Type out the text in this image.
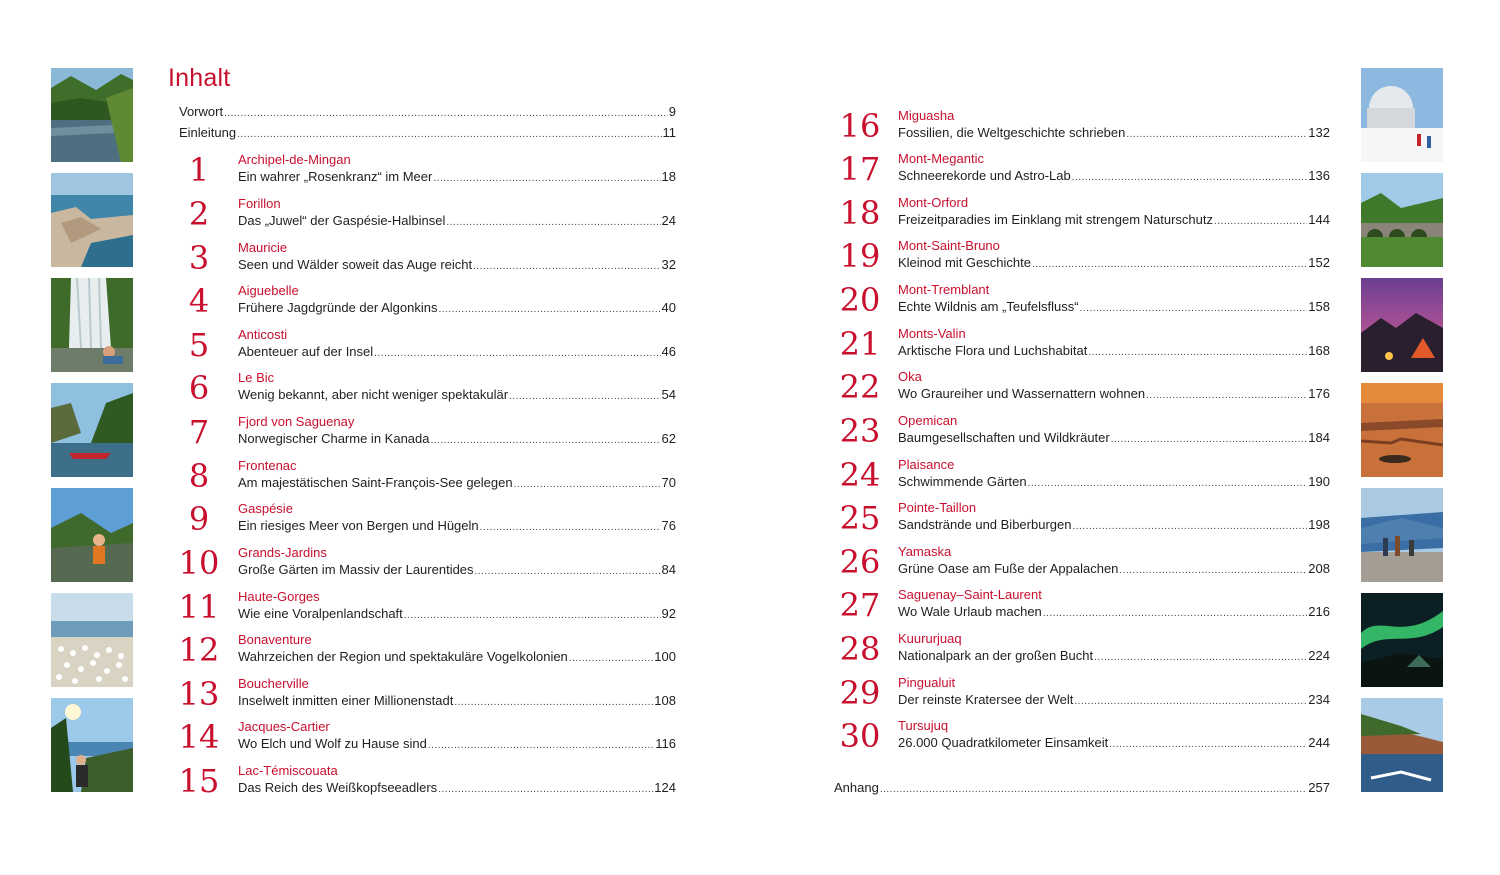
Inhalt
Vorwort .....	9
Einleitung .....	11
1	Archipel-de-Mingan
Ein wahrer „Rosenkranz“ im Meer .....	18
2	Forillon
Das „Juwel“ der Gaspésie-Halbinsel .....	24
3	Mauricie
Seen und Wälder soweit das Auge reicht .....	32
4	Aiguebelle
Frühere Jagdgründe der Algonkins .....	40
5	Anticosti
Abenteuer auf der Insel .....	46
6	Le Bic
Wenig bekannt, aber nicht weniger spektakulär .....	54
7	Fjord von Saguenay
Norwegischer Charme in Kanada .....	62
8	Frontenac
Am majestätischen Saint-François-See gelegen .....	70
9	Gaspésie
Ein riesiges Meer von Bergen und Hügeln .....	76
10	Grands-Jardins
Große Gärten im Massiv der Laurentides .....	84
11	Haute-Gorges
Wie eine Voralpenlandschaft .....	92
12	Bonaventure
Wahrzeichen der Region und spektakuläre Vogelkolonien .....	100
13	Boucherville
Inselwelt inmitten einer Millionenstadt .....	108
14	Jacques-Cartier
Wo Elch und Wolf zu Hause sind .....	116
15	Lac-Témiscouata
Das Reich des Weißkopfseeadlers .....	124
16	Miguasha
Fossilien, die Weltgeschichte schrieben .....	132
17	Mont-Megantic
Schneerekorde und Astro-Lab .....	136
18	Mont-Orford
Freizeitparadies im Einklang mit strengem Naturschutz .....	144
19	Mont-Saint-Bruno
Kleinod mit Geschichte .....	152
20	Mont-Tremblant
Echte Wildnis am „Teufelsfluss“ .....	158
21	Monts-Valin
Arktische Flora und Luchshabitat .....	168
22	Oka
Wo Graureiher und Wassernattern wohnen .....	176
23	Opemican
Baumgesellschaften und Wildkräuter .....	184
24	Plaisance
Schwimmende Gärten .....	190
25	Pointe-Taillon
Sandstrände und Biberburgen .....	198
26	Yamaska
Grüne Oase am Fuße der Appalachen .....	208
27	Saguenay–Saint-Laurent
Wo Wale Urlaub machen .....	216
28	Kuururjuaq
Nationalpark an der großen Bucht .....	224
29	Pingualuit
Der reinste Kratersee der Welt .....	234
30	Tursujuq
26.000 Quadratkilometer Einsamkeit .....	244
Anhang .....	257
